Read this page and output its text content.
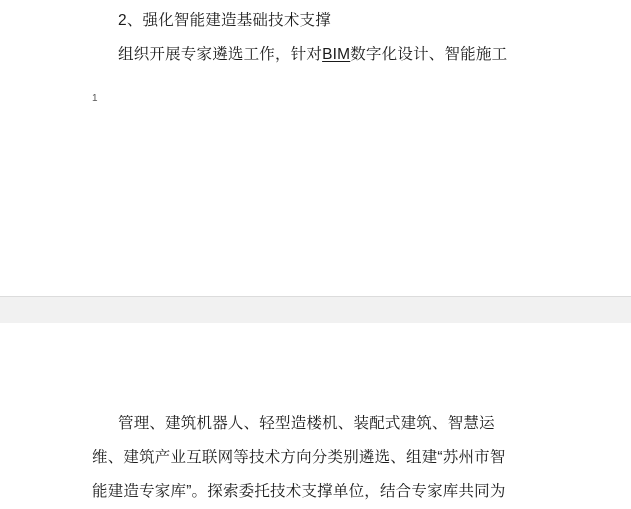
2、强化智能建造基础技术支撑
组织开展专家遴选工作，针对BIM数字化设计、智能施工
1
管理、建筑机器人、轻型造楼机、装配式建筑、智慧运
维、建筑产业互联网等技术方向分类别遴选、组建“苏州市智
能建造专家库”。探索委托技术支撑单位，结合专家库共同为
